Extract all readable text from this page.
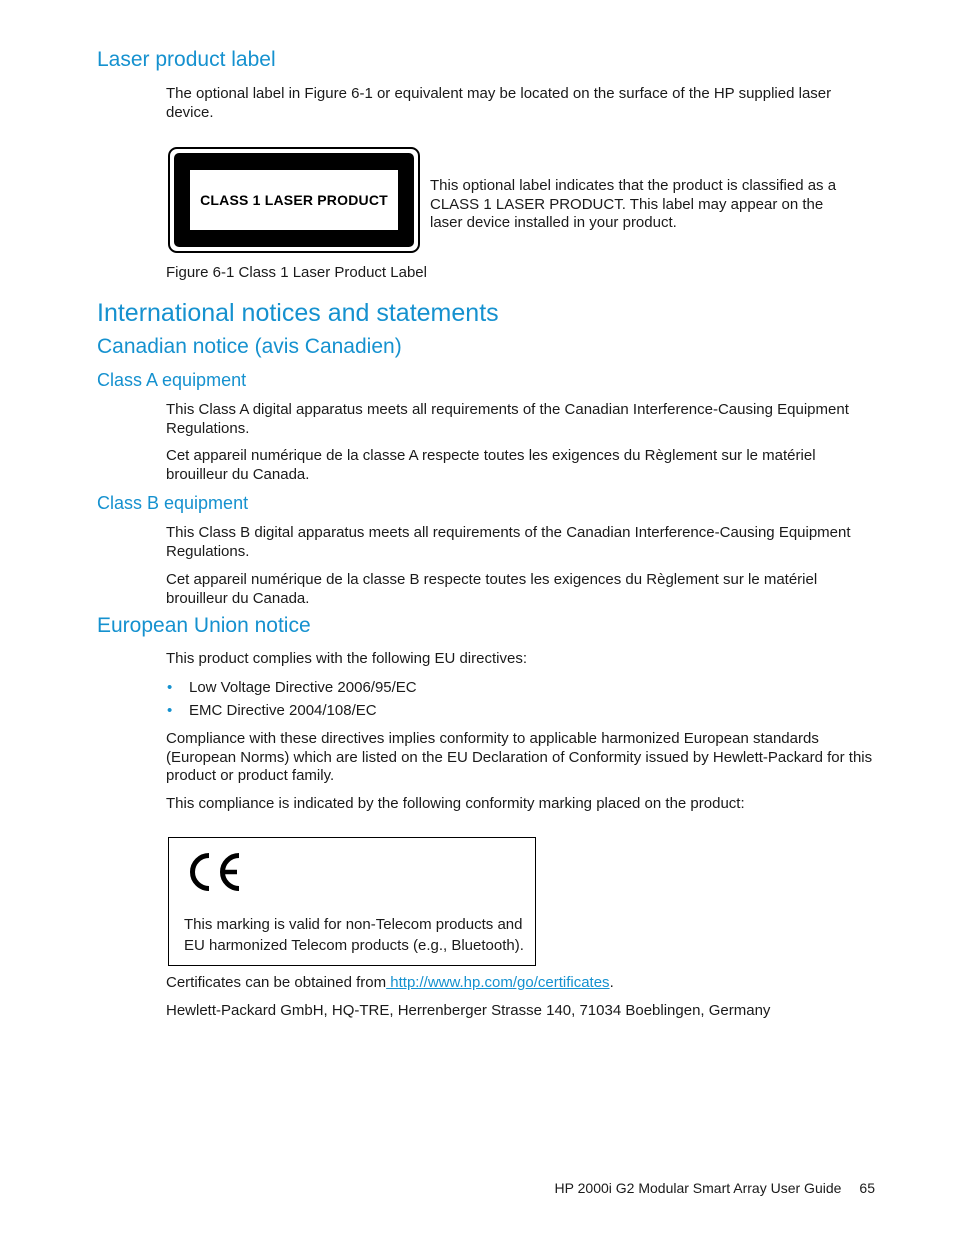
Laser product label

The optional label in Figure 6-1 or equivalent may be located on the surface of the HP supplied laser device.

CLASS 1 LASER PRODUCT

This optional label indicates that the product is classified as a CLASS 1 LASER PRODUCT. This label may appear on the laser device installed in your product.

Figure 6-1 Class 1 Laser Product Label
International notices and statements
Canadian notice (avis Canadien)
Class A equipment

This Class A digital apparatus meets all requirements of the Canadian Interference-Causing Equipment Regulations.

Cet appareil numérique de la classe A respecte toutes les exigences du Règlement sur le matériel brouilleur du Canada.

Class B equipment

This Class B digital apparatus meets all requirements of the Canadian Interference-Causing Equipment Regulations.

Cet appareil numérique de la classe B respecte toutes les exigences du Règlement sur le matériel brouilleur du Canada.

European Union notice

This product complies with the following EU directives:

• Low Voltage Directive 2006/95/EC
• EMC Directive 2004/108/EC

Compliance with these directives implies conformity to applicable harmonized European standards (European Norms) which are listed on the EU Declaration of Conformity issued by Hewlett-Packard for this product or product family.

This compliance is indicated by the following conformity marking placed on the product:

This marking is valid for non-Telecom products and EU harmonized Telecom products (e.g., Bluetooth).

Certificates can be obtained from http://www.hp.com/go/certificates.

Hewlett-Packard GmbH, HQ-TRE, Herrenberger Strasse 140, 71034 Boeblingen, Germany

HP 2000i G2 Modular Smart Array User Guide 65
